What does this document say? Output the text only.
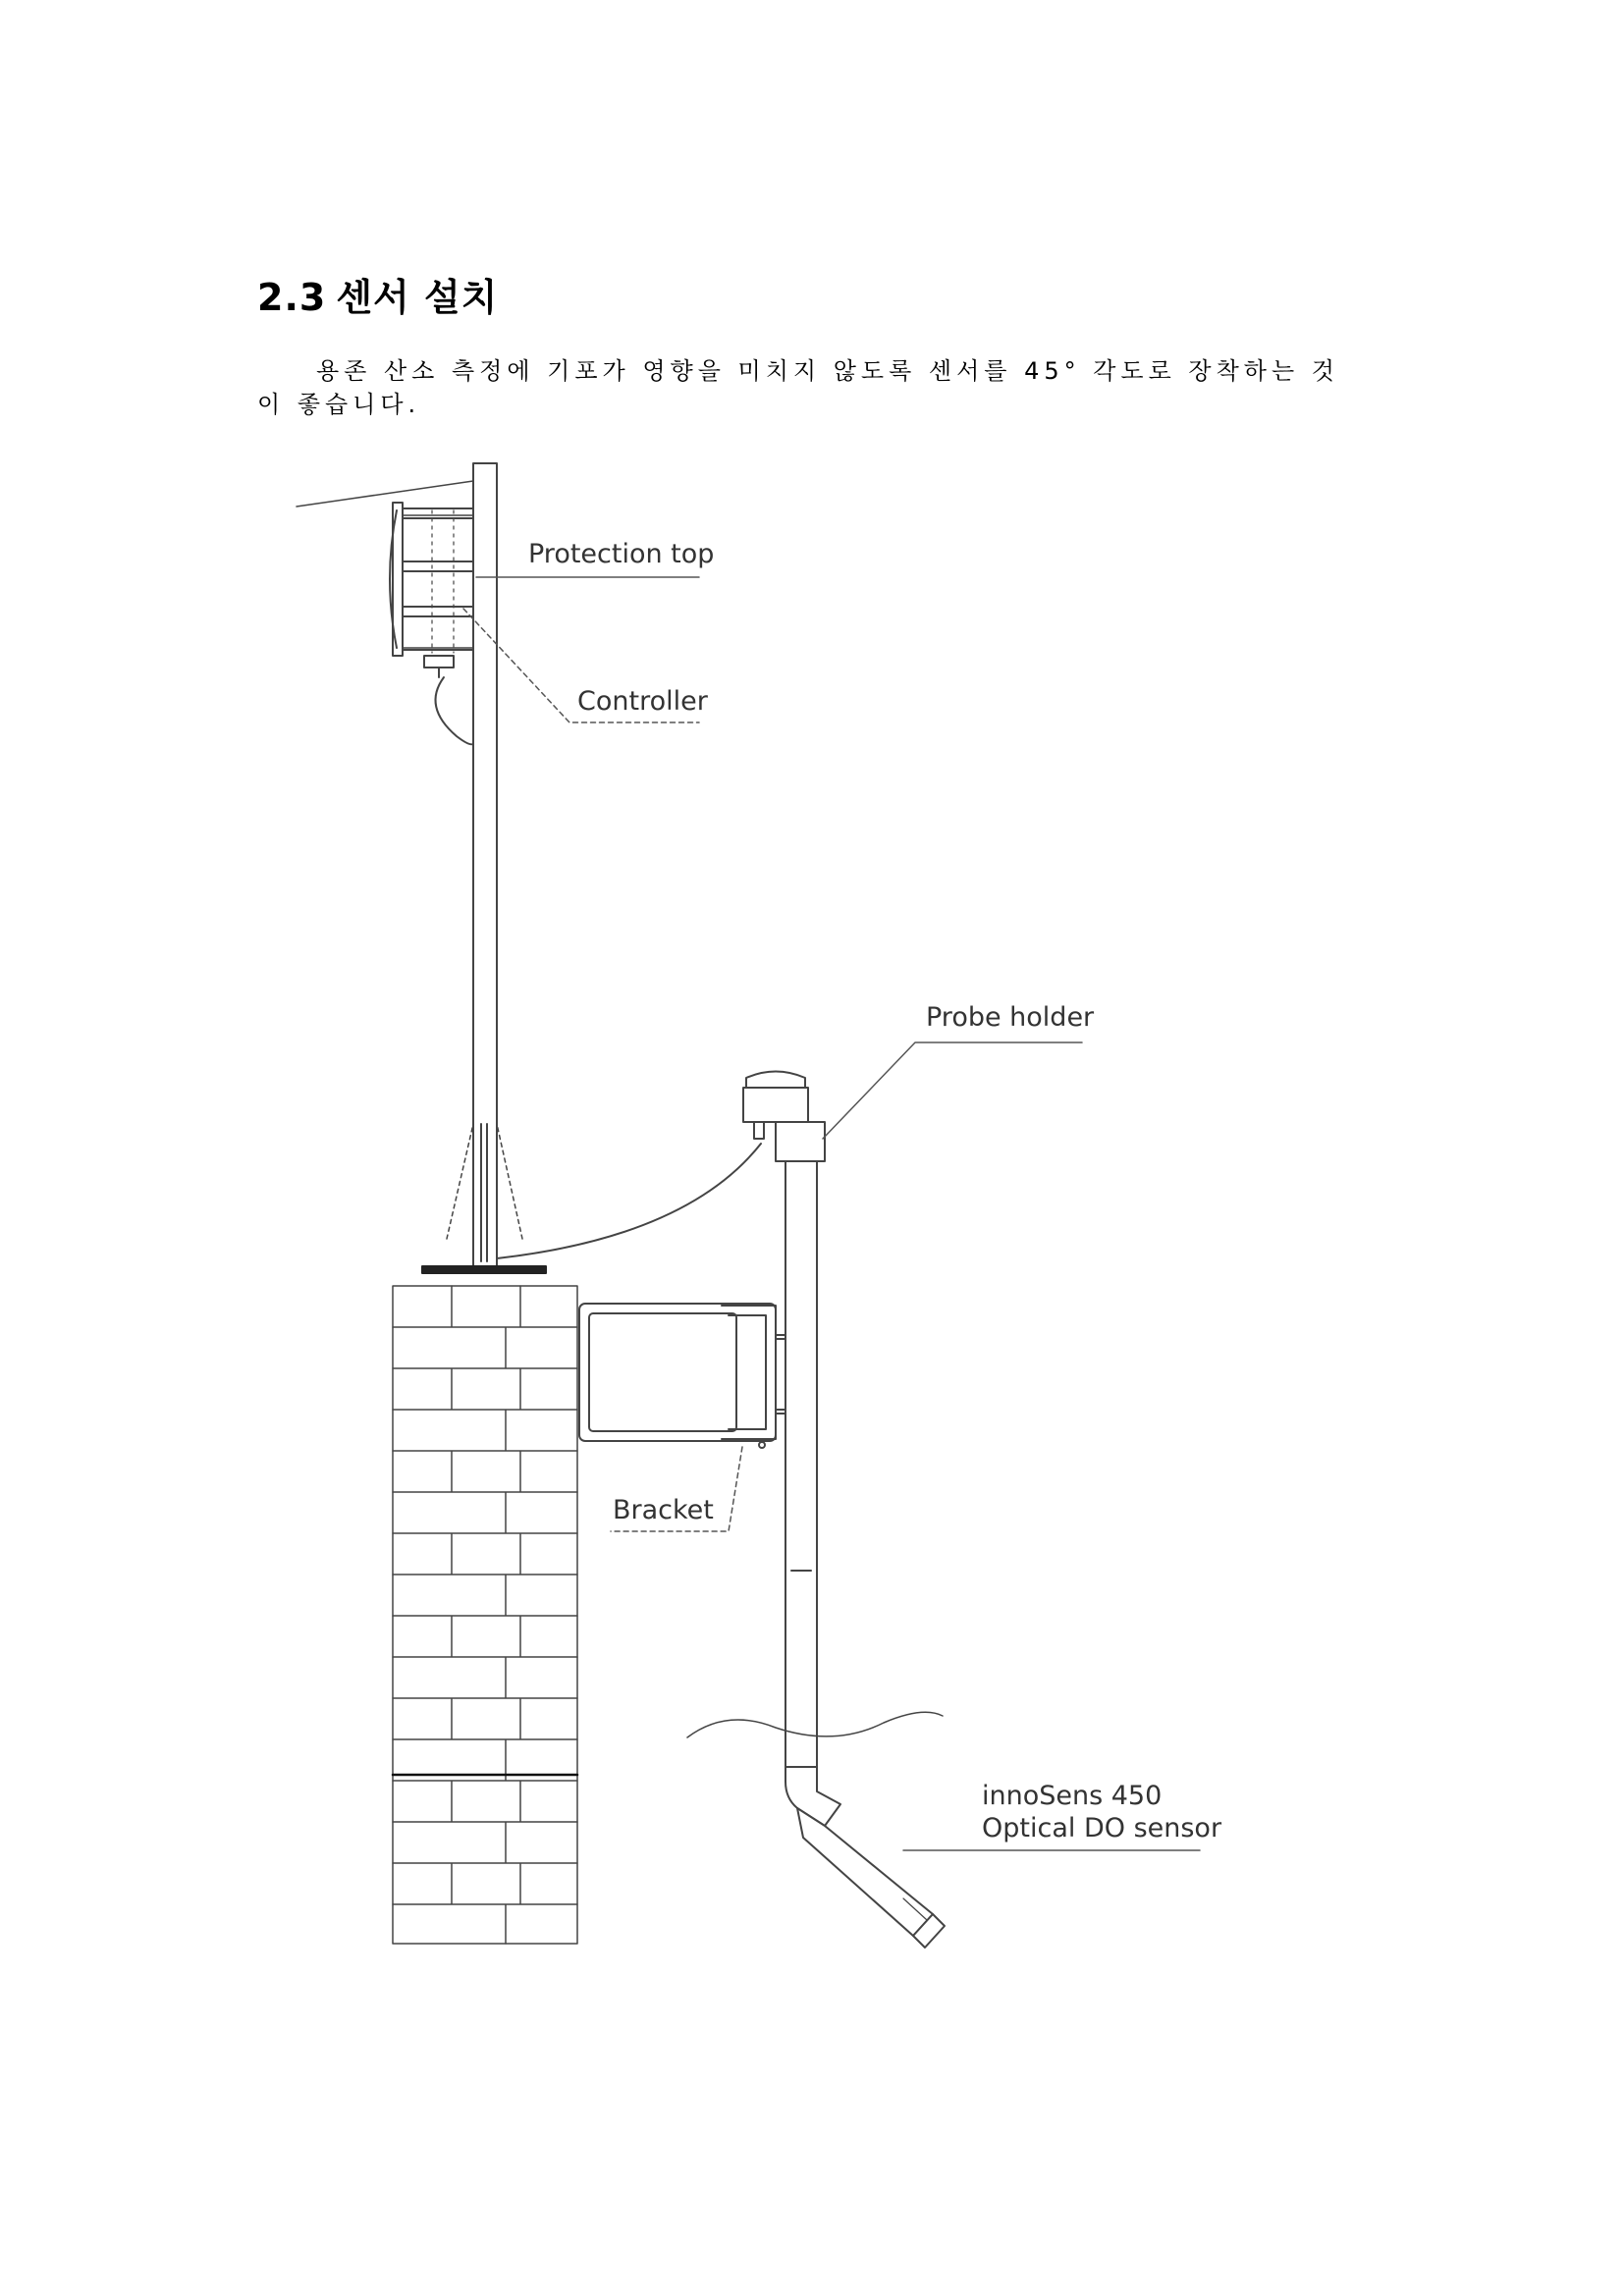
2.3 센서 설치

용존 산소 측정에 기포가 영향을 미치지 않도록 센서를 45° 각도로 장착하는 것이 좋습니다.

Protection top
Controller
Probe holder
Bracket
innoSens 450
Optical DO sensor
